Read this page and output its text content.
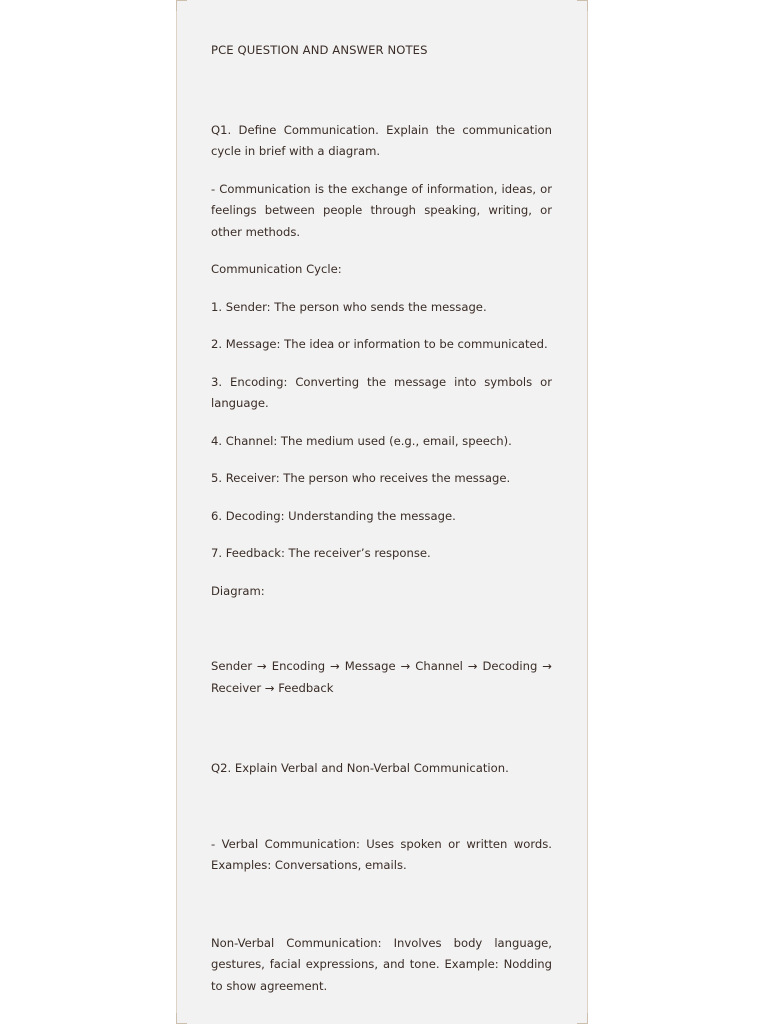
PCE QUESTION AND ANSWER NOTES

Q1. Define Communication. Explain the communication cycle in brief with a diagram.

- Communication is the exchange of information, ideas, or feelings between people through speaking, writing, or other methods.

Communication Cycle:

1. Sender: The person who sends the message.

2. Message: The idea or information to be communicated.

3. Encoding: Converting the message into symbols or language.

4. Channel: The medium used (e.g., email, speech).

5. Receiver: The person who receives the message.

6. Decoding: Understanding the message.

7. Feedback: The receiver’s response.

Diagram:

Sender → Encoding → Message → Channel → Decoding → Receiver → Feedback

Q2. Explain Verbal and Non-Verbal Communication.

- Verbal Communication: Uses spoken or written words. Examples: Conversations, emails.

Non-Verbal Communication: Involves body language, gestures, facial expressions, and tone. Example: Nodding to show agreement.
